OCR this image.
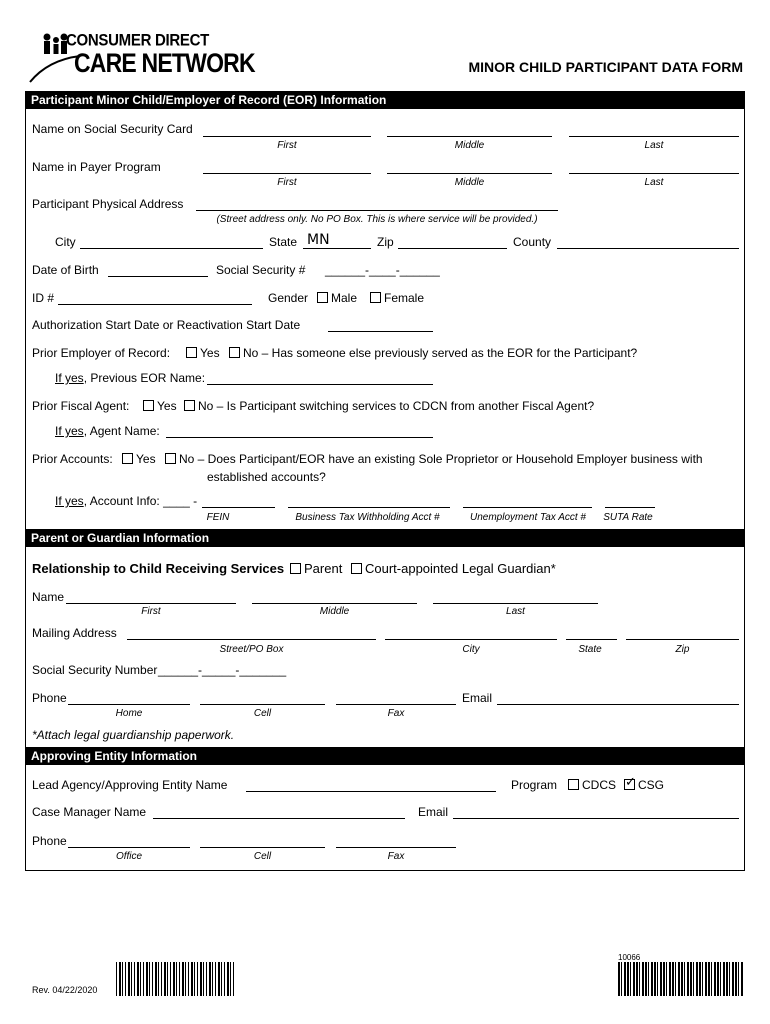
CONSUMER DIRECT
CARE NETWORK	MINOR CHILD PARTICIPANT DATA FORM
Participant Minor Child/Employer of Record (EOR) Information
Name on Social Security Card
First	Middle	Last
Name in Payer Program
First	Middle	Last
Participant Physical Address
(Street address only. No PO Box. This is where service will be provided.)
City	State MN	Zip	County
Date of Birth	Social Security # ______-____-______
ID #	Gender	Male	Female
Authorization Start Date or Reactivation Start Date
Prior Employer of Record:	Yes	No – Has someone else previously served as the EOR for the Participant?
If yes, Previous EOR Name:
Prior Fiscal Agent:	Yes	No – Is Participant switching services to CDCN from another Fiscal Agent?
If yes, Agent Name:
Prior Accounts:	Yes	No – Does Participant/EOR have an existing Sole Proprietor or Household Employer business with
established accounts?
If yes, Account Info: ____ -
FEIN	Business Tax Withholding Acct #	Unemployment Tax Acct #	SUTA Rate
Parent or Guardian Information
Relationship to Child Receiving Services	Parent	Court-appointed Legal Guardian*
Name
First	Middle	Last
Mailing Address
Street/PO Box	City	State	Zip
Social Security Number ______-_____-_______
Phone	Email
Home	Cell	Fax
*Attach legal guardianship paperwork.
Approving Entity Information
Lead Agency/Approving Entity Name	Program	CDCS ✓	CSG
Case Manager Name	Email
Phone
Office	Cell	Fax
Rev. 04/22/2020
10066
